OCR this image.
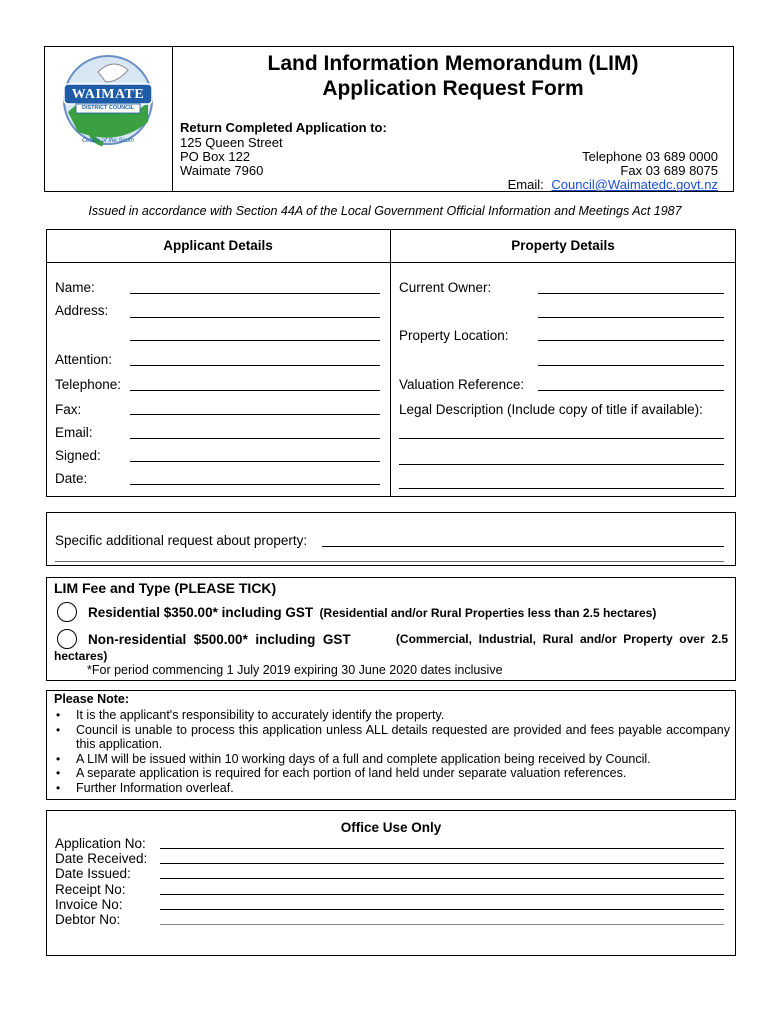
WAIMATE
DISTRICT COUNCIL
Centre of the South
Land Information Memorandum (LIM)
Application Request Form
Return Completed Application to:
125 Queen Street
PO Box 122
Waimate 7960
Telephone 03 689 0000
Fax 03 689 8075
Email: Council@Waimatedc.govt.nz
Issued in accordance with Section 44A of the Local Government Official Information and Meetings Act 1987
Applicant Details	Property Details
Name:
Address:
Attention:
Telephone:
Fax:
Email:
Signed:
Date:
Current Owner:
Property Location:
Valuation Reference:
Legal Description (Include copy of title if available):
Specific additional request about property:
LIM Fee and Type (PLEASE TICK)
Residential $350.00* including GST (Residential and/or Rural Properties less than 2.5 hectares)
Non-residential  $500.00*  including  GST	(Commercial,  Industrial,  Rural  and/or  Property  over  2.5
hectares)
*For period commencing 1 July 2019 expiring 30 June 2020 dates inclusive
Please Note:
• It is the applicant's responsibility to accurately identify the property.
• Council is unable to process this application unless ALL details requested are provided and fees payable accompany this application.
• A LIM will be issued within 10 working days of a full and complete application being received by Council.
• A separate application is required for each portion of land held under separate valuation references.
• Further Information overleaf.
Office Use Only
Application No:
Date Received:
Date Issued:
Receipt No:
Invoice No:
Debtor No:
